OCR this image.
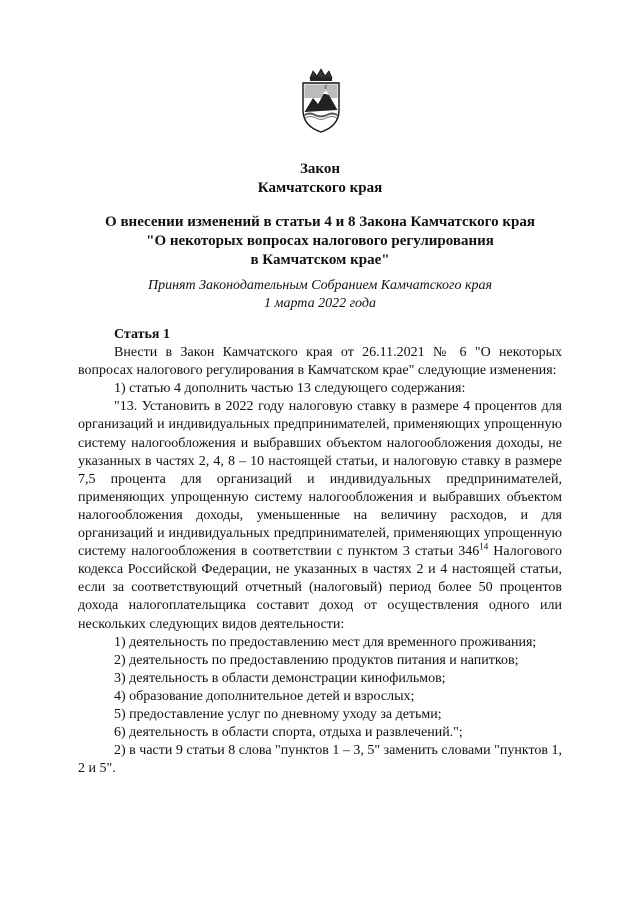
Закон
Камчатского края
О внесении изменений в статьи 4 и 8 Закона Камчатского края
"О некоторых вопросах налогового регулирования
в Камчатском крае"
Принят Законодательным Собранием Камчатского края
1 марта 2022 года
Статья 1

Внести в Закон Камчатского края от 26.11.2021 № 6 "О некоторых вопросах налогового регулирования в Камчатском крае" следующие изменения:

1) статью 4 дополнить частью 13 следующего содержания:

"13. Установить в 2022 году налоговую ставку в размере 4 процентов для организаций и индивидуальных предпринимателей, применяющих упрощенную систему налогообложения и выбравших объектом налогообложения доходы, не указанных в частях 2, 4, 8 – 10 настоящей статьи, и налоговую ставку в размере 7,5 процента для организаций и индивидуальных предпринимателей, применяющих упрощенную систему налогообложения и выбравших объектом налогообложения доходы, уменьшенные на величину расходов, и для организаций и индивидуальных предпринимателей, применяющих упрощенную систему налогообложения в соответствии с пунктом 3 статьи $346^{14}$ Налогового кодекса Российской Федерации, не указанных в частях 2 и 4 настоящей статьи, если за соответствующий отчетный (налоговый) период более 50 процентов дохода налогоплательщика составит доход от осуществления одного или нескольких следующих видов деятельности:

1) деятельность по предоставлению мест для временного проживания;

2) деятельность по предоставлению продуктов питания и напитков;

3) деятельность в области демонстрации кинофильмов;

4) образование дополнительное детей и взрослых;

5) предоставление услуг по дневному уходу за детьми;

6) деятельность в области спорта, отдыха и развлечений.";

2) в части 9 статьи 8 слова "пунктов 1 – 3, 5" заменить словами "пунктов 1, 2 и 5".
